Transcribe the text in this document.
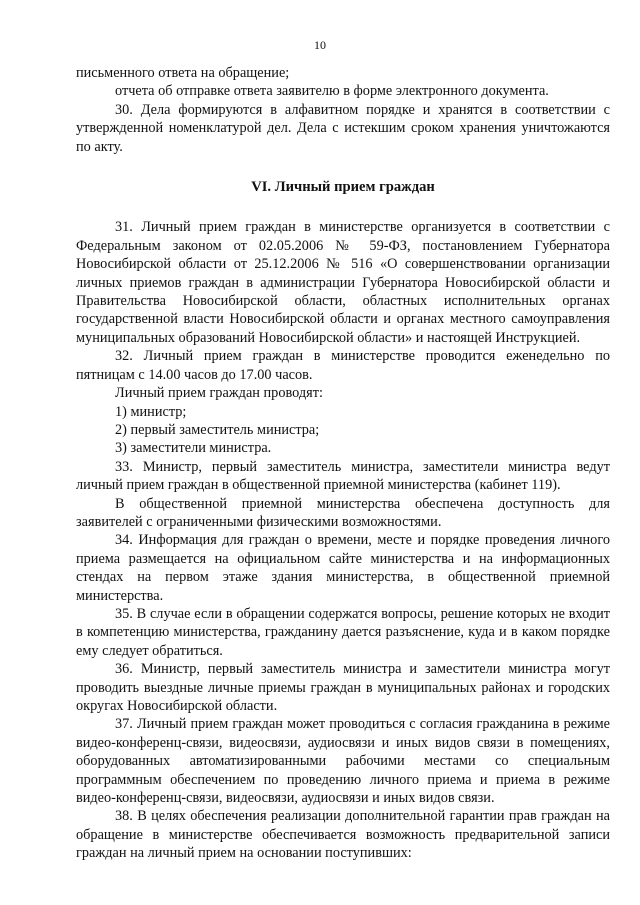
10

письменного ответа на обращение;

отчета об отправке ответа заявителю в форме электронного документа.

30. Дела формируются в алфавитном порядке и хранятся в соответствии с утвержденной номенклатурой дел. Дела с истекшим сроком хранения уничтожаются по акту.

VI. Личный прием граждан

31. Личный прием граждан в министерстве организуется в соответствии с Федеральным законом от 02.05.2006 № 59-ФЗ, постановлением Губернатора Новосибирской области от 25.12.2006 № 516 «О совершенствовании организации личных приемов граждан в администрации Губернатора Новосибирской области и Правительства Новосибирской области, областных исполнительных органах государственной власти Новосибирской области и органах местного самоуправления муниципальных образований Новосибирской области» и настоящей Инструкцией.

32. Личный прием граждан в министерстве проводится еженедельно по пятницам с 14.00 часов до 17.00 часов.

Личный прием граждан проводят:

1) министр;

2) первый заместитель министра;

3) заместители министра.

33. Министр, первый заместитель министра, заместители министра ведут личный прием граждан в общественной приемной министерства (кабинет 119).

В общественной приемной министерства обеспечена доступность для заявителей с ограниченными физическими возможностями.

34. Информация для граждан о времени, месте и порядке проведения личного приема размещается на официальном сайте министерства и на информационных стендах на первом этаже здания министерства, в общественной приемной министерства.

35. В случае если в обращении содержатся вопросы, решение которых не входит в компетенцию министерства, гражданину дается разъяснение, куда и в каком порядке ему следует обратиться.

36. Министр, первый заместитель министра и заместители министра могут проводить выездные личные приемы граждан в муниципальных районах и городских округах Новосибирской области.

37. Личный прием граждан может проводиться с согласия гражданина в режиме видео-конференц-связи, видеосвязи, аудиосвязи и иных видов связи в помещениях, оборудованных автоматизированными рабочими местами со специальным программным обеспечением по проведению личного приема и приема в режиме видео-конференц-связи, видеосвязи, аудиосвязи и иных видов связи.

38. В целях обеспечения реализации дополнительной гарантии прав граждан на обращение в министерстве обеспечивается возможность предварительной записи граждан на личный прием на основании поступивших:
